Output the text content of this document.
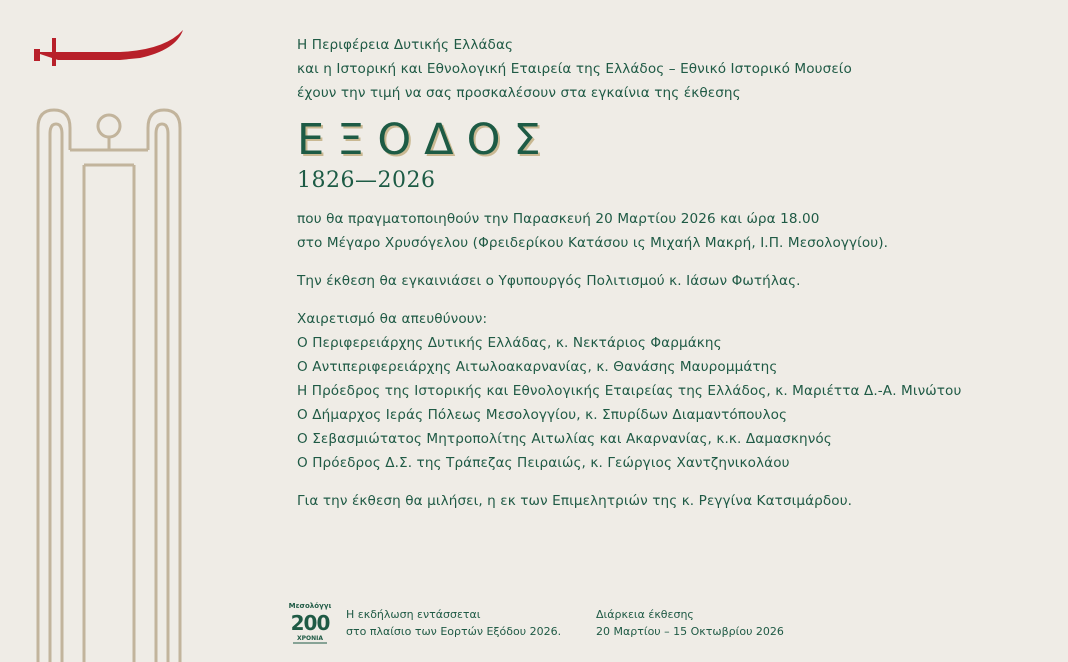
Η Περιφέρεια Δυτικής Ελλάδας
και η Ιστορική και Εθνολογική Εταιρεία της Ελλάδος – Εθνικό Ιστορικό Μουσείο
έχουν την τιμή να σας προσκαλέσουν στα εγκαίνια της έκθεσης
ΕΞΟΔΟΣ
1826—2026
που θα πραγματοποιηθούν την Παρασκευή 20 Μαρτίου 2026 και ώρα 18.00
στο Μέγαρο Χρυσόγελου (Φρειδερίκου Κατάσου ις Μιχαήλ Μακρή, Ι.Π. Μεσολογγίου).
Την έκθεση θα εγκαινιάσει ο Υφυπουργός Πολιτισμού κ. Ιάσων Φωτήλας.
Χαιρετισμό θα απευθύνουν:
Ο Περιφερειάρχης Δυτικής Ελλάδας, κ. Νεκτάριος Φαρμάκης
Ο Αντιπεριφερειάρχης Αιτωλοακαρνανίας, κ. Θανάσης Μαυρομμάτης
Η Πρόεδρος της Ιστορικής και Εθνολογικής Εταιρείας της Ελλάδος, κ. Μαριέττα Δ.-Α. Μινώτου
Ο Δήμαρχος Ιεράς Πόλεως Μεσολογγίου, κ. Σπυρίδων Διαμαντόπουλος
Ο Σεβασμιώτατος Μητροπολίτης Αιτωλίας και Ακαρνανίας, κ.κ. Δαμασκηνός
Ο Πρόεδρος Δ.Σ. της Τράπεζας Πειραιώς, κ. Γεώργιος Χαντζηνικολάου
Για την έκθεση θα μιλήσει, η εκ των Επιμελητριών της κ. Ρεγγίνα Κατσιμάρδου.
Μεσολόγγι
200
ΧΡΟΝΙΑ
Η εκδήλωση εντάσσεται
στο πλαίσιο των Εορτών Εξόδου 2026.
Διάρκεια έκθεσης
20 Μαρτίου – 15 Οκτωβρίου 2026
